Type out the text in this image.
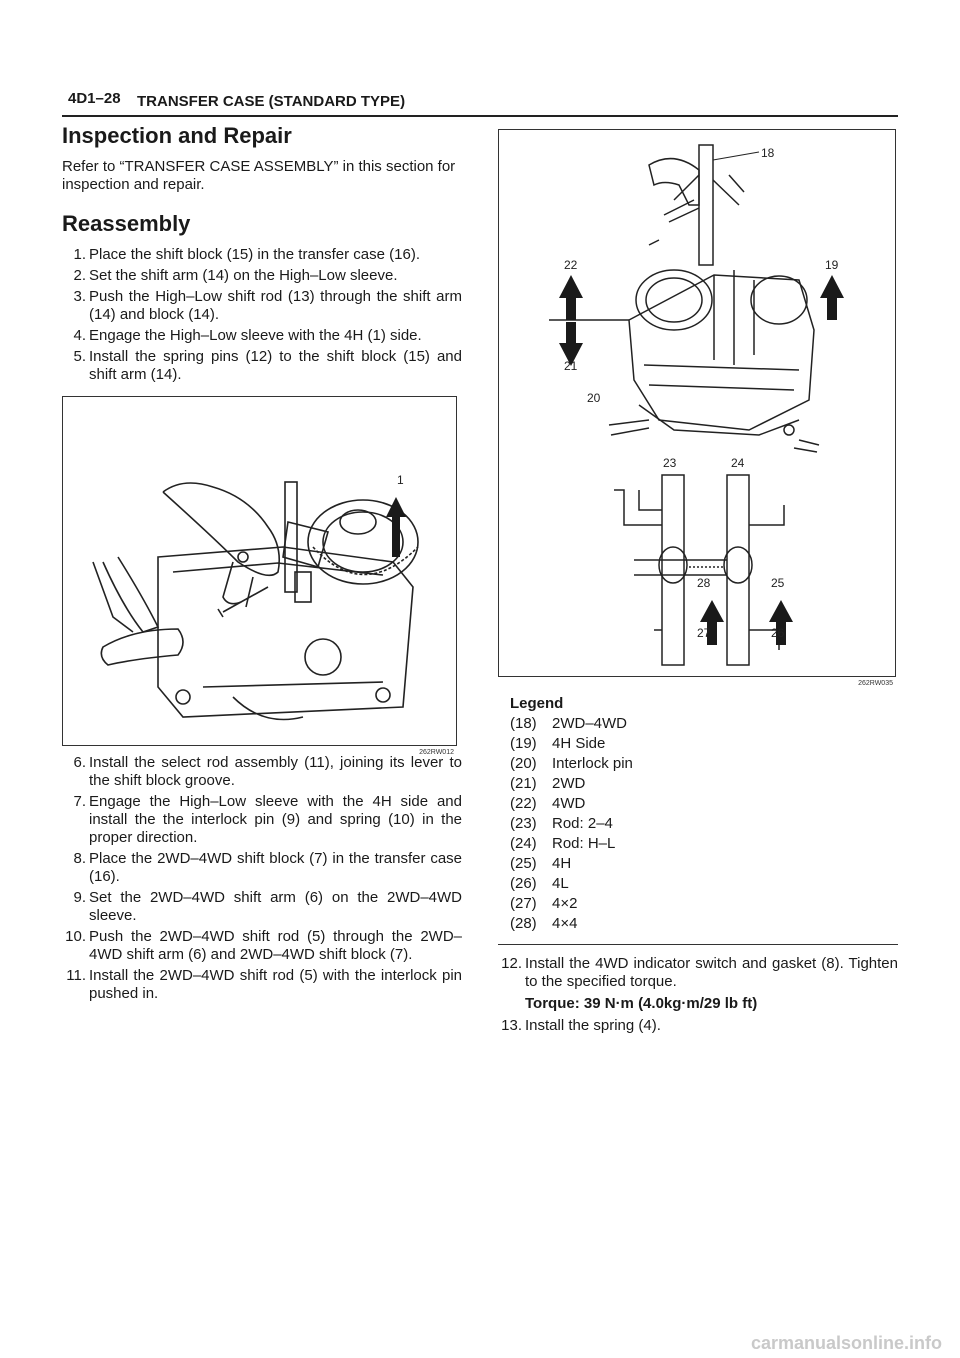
4D1–28 TRANSFER CASE (STANDARD TYPE)
Inspection and Repair

Refer to “TRANSFER CASE ASSEMBLY” in this section for inspection and repair.

Reassembly
1. Place the shift block (15) in the transfer case (16).
2. Set the shift arm (14) on the High–Low sleeve.
3. Push the High–Low shift rod (13) through the shift arm (14) and block (14).
4. Engage the High–Low sleeve with the 4H (1) side.
5. Install the spring pins (12) to the shift block (15) and shift arm (14).
1
262RW012
6. Install the select rod assembly (11), joining its lever to the shift block groove.
7. Engage the High–Low sleeve with the 4H side and install the the interlock pin (9) and spring (10) in the proper direction.
8. Place the 2WD–4WD shift block (7) in the transfer case (16).
9. Set the 2WD–4WD shift arm (6) on the 2WD–4WD sleeve.
10. Push the 2WD–4WD shift rod (5) through the 2WD–4WD shift arm (6) and 2WD–4WD shift block (7).
11. Install the 2WD–4WD shift rod (5) with the interlock pin pushed in.
18
19
20
21
22
23	24
25
26
27
28
262RW035
Legend
(18)	2WD–4WD
(19)	4H Side
(20)	Interlock pin
(21)	2WD
(22)	4WD
(23)	Rod: 2–4
(24)	Rod: H–L
(25)	4H
(26)	4L
(27)	4×2
(28)	4×4
12. Install the 4WD indicator switch and gasket (8). Tighten to the specified torque.
Torque: 39 N·m (4.0kg·m/29 lb ft)
13. Install the spring (4).
carmanualsonline.info
